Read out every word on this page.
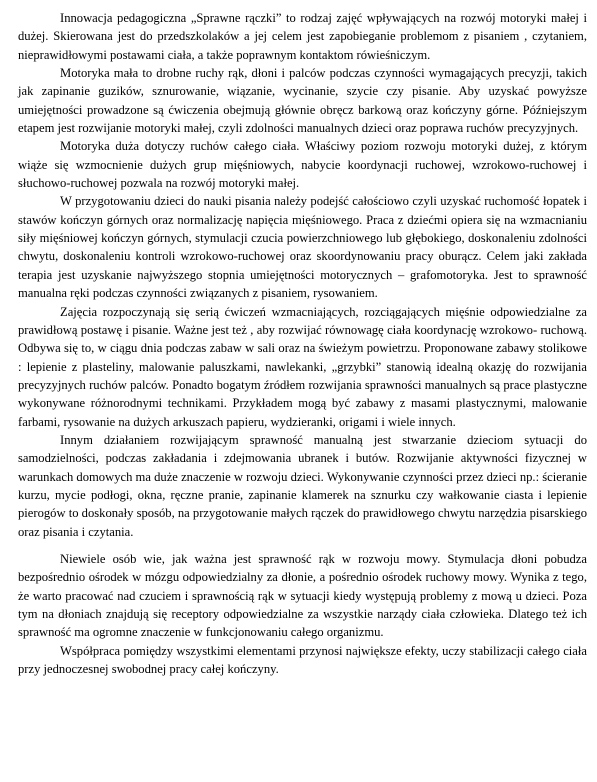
Innowacja pedagogiczna „Sprawne rączki” to rodzaj zajęć wpływających na rozwój motoryki małej i dużej. Skierowana jest do przedszkolaków a jej celem jest zapobieganie problemom z pisaniem , czytaniem, nieprawidłowymi postawami ciała, a także poprawnym kontaktom rówieśniczym.

Motoryka mała to drobne ruchy rąk, dłoni i palców podczas czynności wymagających precyzji, takich jak zapinanie guzików, sznurowanie, wiązanie, wycinanie, szycie czy pisanie. Aby uzyskać powyższe umiejętności prowadzone są ćwiczenia obejmują głównie obręcz barkową oraz kończyny górne. Późniejszym etapem jest rozwijanie motoryki małej, czyli zdolności manualnych dzieci oraz poprawa ruchów precyzyjnych.

Motoryka duża dotyczy ruchów całego ciała. Właściwy poziom rozwoju motoryki dużej, z którym wiąże się wzmocnienie dużych grup mięśniowych, nabycie koordynacji ruchowej, wzrokowo-ruchowej i słuchowo-ruchowej pozwala na rozwój motoryki małej.

W przygotowaniu dzieci do nauki pisania należy podejść całościowo czyli uzyskać ruchomość łopatek i stawów kończyn górnych oraz normalizację napięcia mięśniowego. Praca z dziećmi opiera się na wzmacnianiu siły mięśniowej kończyn górnych, stymulacji czucia powierzchniowego lub głębokiego, doskonaleniu zdolności chwytu, doskonaleniu kontroli wzrokowo-ruchowej oraz skoordynowaniu pracy oburącz. Celem jaki zakłada terapia jest uzyskanie najwyższego stopnia umiejętności motorycznych – grafomotoryka. Jest to sprawność manualna ręki podczas czynności związanych z pisaniem, rysowaniem.

Zajęcia rozpoczynają się serią ćwiczeń wzmacniających, rozciągających mięśnie odpowiedzialne za prawidłową postawę i pisanie. Ważne jest też , aby rozwijać równowagę ciała koordynację wzrokowo- ruchową. Odbywa się to, w ciągu dnia podczas zabaw w sali oraz na świeżym powietrzu. Proponowane zabawy stolikowe : lepienie z plasteliny, malowanie paluszkami, nawlekanki, „grzybki” stanowią idealną okazję do rozwijania precyzyjnych ruchów palców. Ponadto bogatym źródłem rozwijania sprawności manualnych są prace plastyczne wykonywane różnorodnymi technikami. Przykładem mogą być zabawy z masami plastycznymi, malowanie farbami, rysowanie na dużych arkuszach papieru, wydzieranki, origami i wiele innych.

Innym działaniem rozwijającym sprawność manualną jest stwarzanie dzieciom sytuacji do samodzielności, podczas zakładania i zdejmowania ubranek i butów. Rozwijanie aktywności fizycznej w warunkach domowych ma duże znaczenie w rozwoju dzieci. Wykonywanie czynności przez dzieci np.: ścieranie kurzu, mycie podłogi, okna, ręczne pranie, zapinanie klamerek na sznurku czy wałkowanie ciasta i lepienie pierogów to doskonały sposób, na przygotowanie małych rączek do prawidłowego chwytu narzędzia pisarskiego oraz pisania i czytania.

Niewiele osób wie, jak ważna jest sprawność rąk w rozwoju mowy. Stymulacja dłoni pobudza bezpośrednio ośrodek w mózgu odpowiedzialny za dłonie, a pośrednio ośrodek ruchowy mowy. Wynika z tego, że warto pracować nad czuciem i sprawnością rąk w sytuacji kiedy występują problemy z mową u dzieci. Poza tym na dłoniach znajdują się receptory odpowiedzialne za wszystkie narządy ciała człowieka. Dlatego też ich sprawność ma ogromne znaczenie w funkcjonowaniu całego organizmu.

Współpraca pomiędzy wszystkimi elementami przynosi największe efekty, uczy stabilizacji całego ciała przy jednoczesnej swobodnej pracy całej kończyny.
